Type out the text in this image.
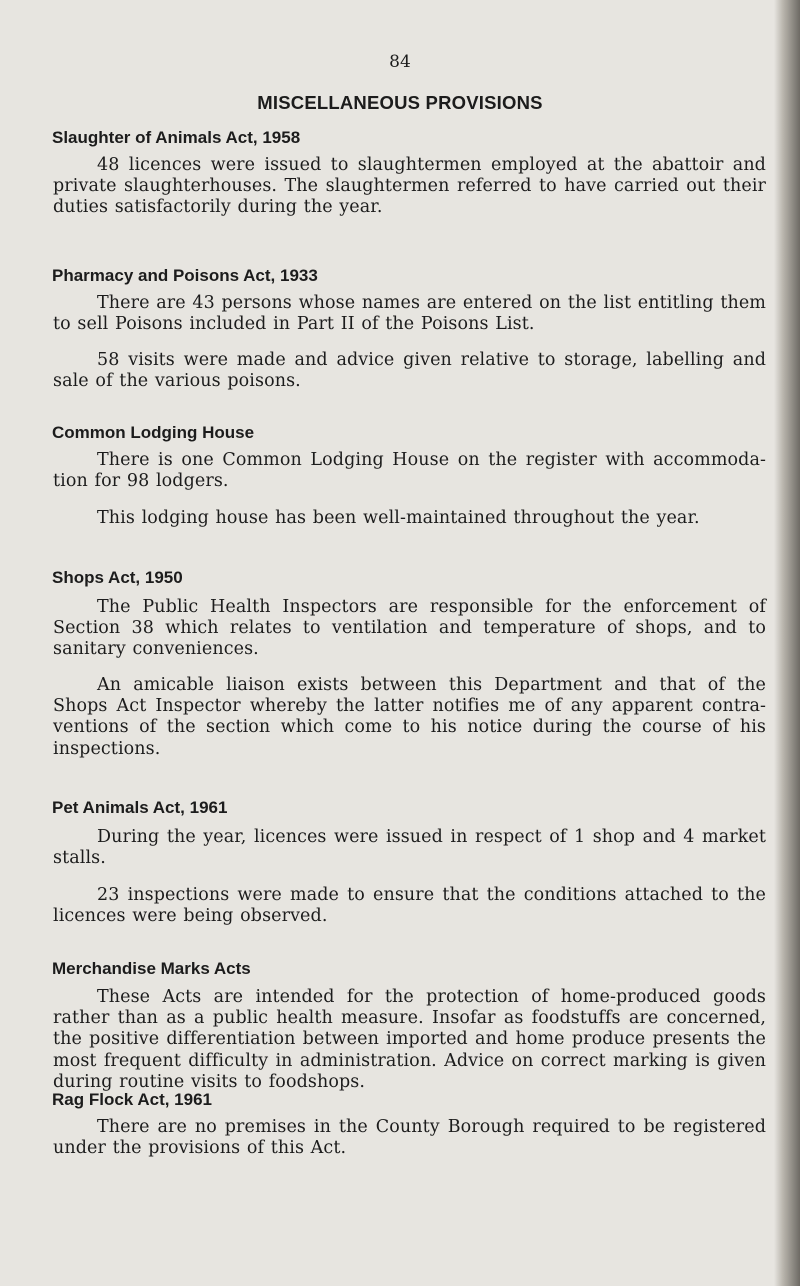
84
MISCELLANEOUS PROVISIONS
Slaughter of Animals Act, 1958

48 licences were issued to slaughtermen employed at the abattoir and private slaughterhouses. The slaughtermen referred to have carried out their duties satisfactorily during the year.

Pharmacy and Poisons Act, 1933

There are 43 persons whose names are entered on the list entitling them to sell Poisons included in Part II of the Poisons List.

58 visits were made and advice given relative to storage, labelling and sale of the various poisons.

Common Lodging House

There is one Common Lodging House on the register with accommoda- tion for 98 lodgers.

This lodging house has been well-maintained throughout the year.

Shops Act, 1950

The Public Health Inspectors are responsible for the enforcement of Section 38 which relates to ventilation and temperature of shops, and to sanitary conveniences.

An amicable liaison exists between this Department and that of the Shops Act Inspector whereby the latter notifies me of any apparent contra- ventions of the section which come to his notice during the course of his inspections.

Pet Animals Act, 1961

During the year, licences were issued in respect of 1 shop and 4 market stalls.

23 inspections were made to ensure that the conditions attached to the licences were being observed.

Merchandise Marks Acts

These Acts are intended for the protection of home-produced goods rather than as a public health measure. Insofar as foodstuffs are concerned, the positive differentiation between imported and home produce presents the most frequent difficulty in administration. Advice on correct marking is given during routine visits to foodshops.

Rag Flock Act, 1961

There are no premises in the County Borough required to be registered under the provisions of this Act.
